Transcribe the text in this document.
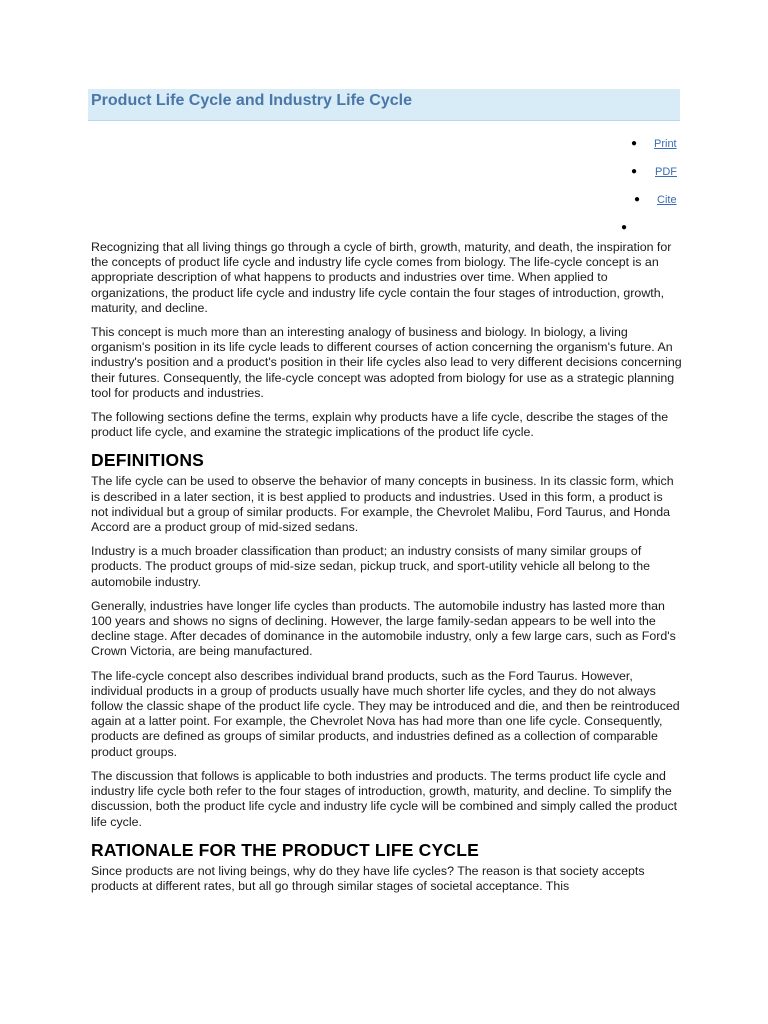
Product Life Cycle and Industry Life Cycle
● Print
● PDF
● Cite
●

Recognizing that all living things go through a cycle of birth, growth, maturity, and death, the inspiration for the concepts of product life cycle and industry life cycle comes from biology. The life-cycle concept is an appropriate description of what happens to products and industries over time. When applied to organizations, the product life cycle and industry life cycle contain the four stages of introduction, growth, maturity, and decline.

This concept is much more than an interesting analogy of business and biology. In biology, a living organism's position in its life cycle leads to different courses of action concerning the organism's future. An industry's position and a product's position in their life cycles also lead to very different decisions concerning their futures. Consequently, the life-cycle concept was adopted from biology for use as a strategic planning tool for products and industries.

The following sections define the terms, explain why products have a life cycle, describe the stages of the product life cycle, and examine the strategic implications of the product life cycle.

DEFINITIONS

The life cycle can be used to observe the behavior of many concepts in business. In its classic form, which is described in a later section, it is best applied to products and industries. Used in this form, a product is not individual but a group of similar products. For example, the Chevrolet Malibu, Ford Taurus, and Honda Accord are a product group of mid-sized sedans.

Industry is a much broader classification than product; an industry consists of many similar groups of products. The product groups of mid-size sedan, pickup truck, and sport-utility vehicle all belong to the automobile industry.

Generally, industries have longer life cycles than products. The automobile industry has lasted more than 100 years and shows no signs of declining. However, the large family-sedan appears to be well into the decline stage. After decades of dominance in the automobile industry, only a few large cars, such as Ford's Crown Victoria, are being manufactured.

The life-cycle concept also describes individual brand products, such as the Ford Taurus. However, individual products in a group of products usually have much shorter life cycles, and they do not always follow the classic shape of the product life cycle. They may be introduced and die, and then be reintroduced again at a latter point. For example, the Chevrolet Nova has had more than one life cycle. Consequently, products are defined as groups of similar products, and industries defined as a collection of comparable product groups.

The discussion that follows is applicable to both industries and products. The terms product life cycle and industry life cycle both refer to the four stages of introduction, growth, maturity, and decline. To simplify the discussion, both the product life cycle and industry life cycle will be combined and simply called the product life cycle.

RATIONALE FOR THE PRODUCT LIFE CYCLE

Since products are not living beings, why do they have life cycles? The reason is that society accepts products at different rates, but all go through similar stages of societal acceptance. This
